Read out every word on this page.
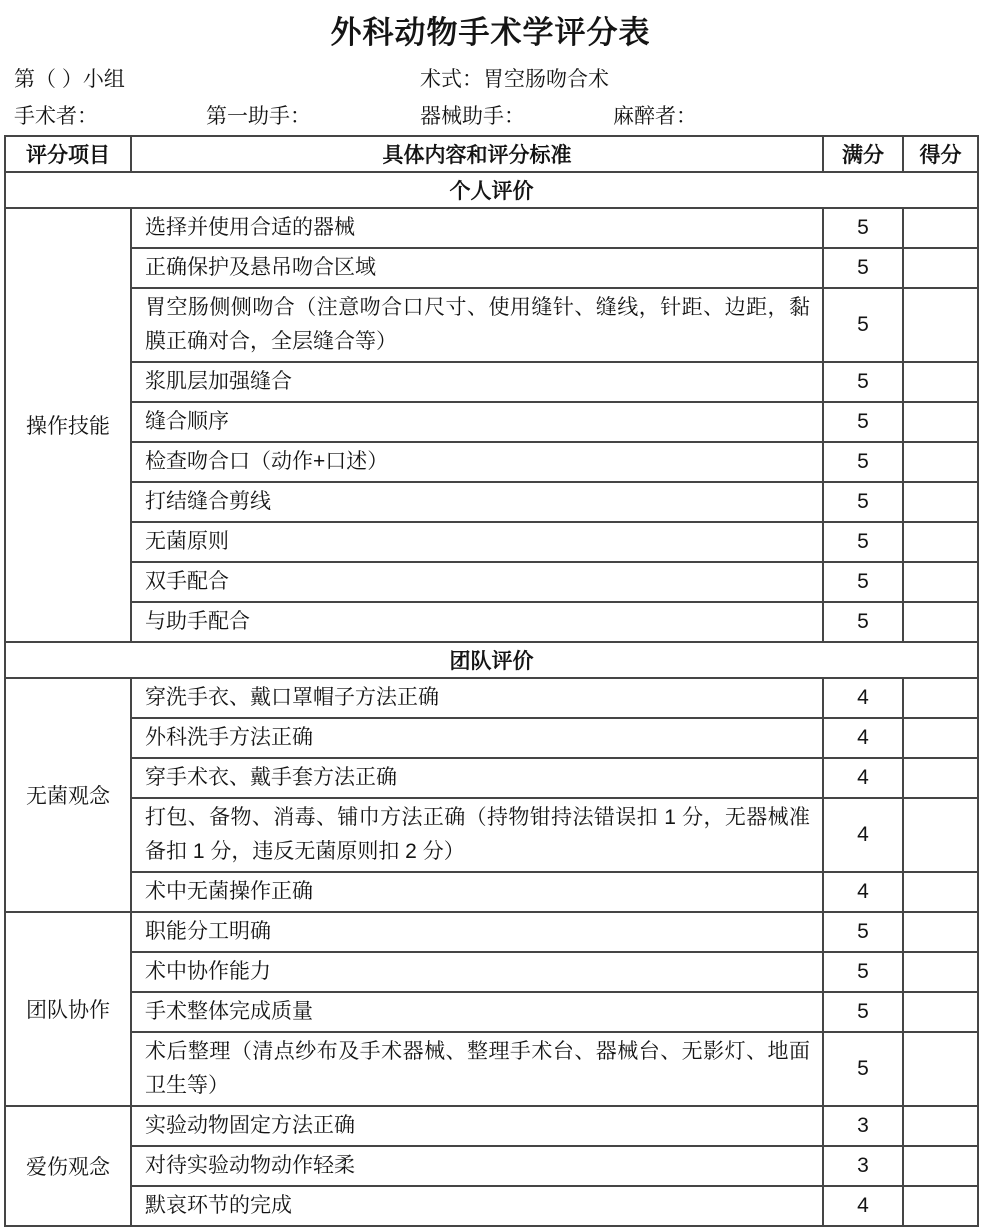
外科动物手术学评分表
第（ ）小组	术式：胃空肠吻合术
手术者：	第一助手：	器械助手：	麻醉者：
评分项目	具体内容和评分标准	满分	得分
个人评价			
操作技能	选择并使用合适的器械	5	
	正确保护及悬吊吻合区域	5	
	胃空肠侧侧吻合（注意吻合口尺寸、使用缝针、缝线，针距、边距，黏膜正确对合，全层缝合等）	5	
	浆肌层加强缝合	5	
	缝合顺序	5	
	检查吻合口（动作+口述）	5	
	打结缝合剪线	5	
	无菌原则	5	
	双手配合	5	
	与助手配合	5	
团队评价			
无菌观念	穿洗手衣、戴口罩帽子方法正确	4	
	外科洗手方法正确	4	
	穿手术衣、戴手套方法正确	4	
	打包、备物、消毒、铺巾方法正确（持物钳持法错误扣 1 分，无器械准备扣 1 分，违反无菌原则扣 2 分）	4	
	术中无菌操作正确	4	
团队协作	职能分工明确	5	
	术中协作能力	5	
	手术整体完成质量	5	
	术后整理（清点纱布及手术器械、整理手术台、器械台、无影灯、地面卫生等）	5	
爱伤观念	实验动物固定方法正确	3	
	对待实验动物动作轻柔	3	
	默哀环节的完成	4	
